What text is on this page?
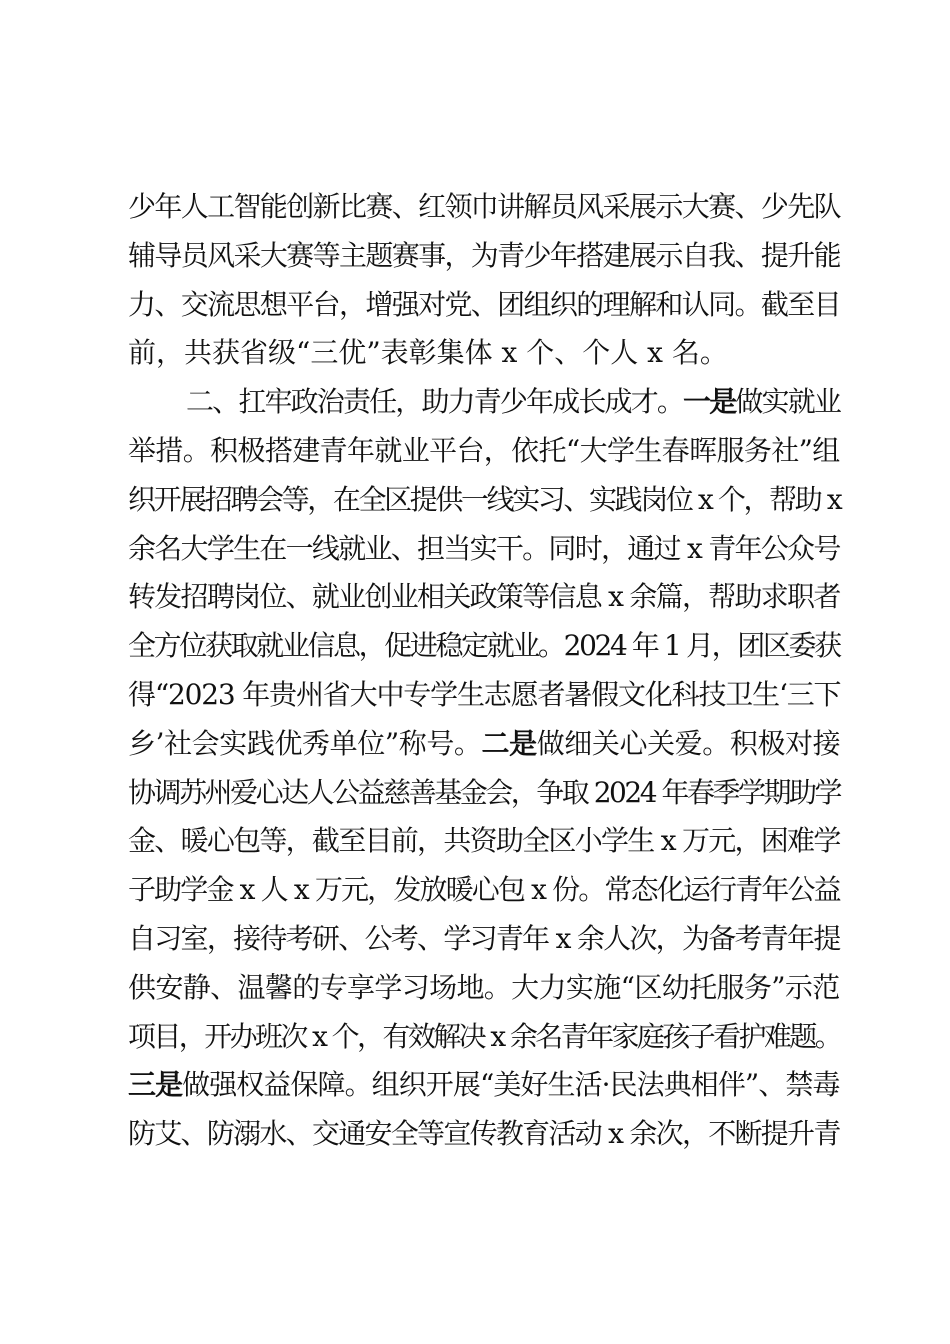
少年人工智能创新比赛、红领巾讲解员风采展示大赛、少先队
辅导员风采大赛等主题赛事，为青少年搭建展示自我、提升能
力、交流思想平台，增强对党、团组织的理解和认同。截至目
前，共获省级“三优”表彰集体 x 个、个人 x 名。
二、扛牢政治责任，助力青少年成长成才。一是做实就业
举措。积极搭建青年就业平台，依托“大学生春晖服务社”组
织开展招聘会等，在全区提供一线实习、实践岗位 x 个，帮助 x
余名大学生在一线就业、担当实干。同时，通过 x 青年公众号
转发招聘岗位、就业创业相关政策等信息 x 余篇，帮助求职者
全方位获取就业信息，促进稳定就业。2024 年 1 月，团区委获
得“2023 年贵州省大中专学生志愿者暑假文化科技卫生‘三下
乡’社会实践优秀单位”称号。二是做细关心关爱。积极对接
协调苏州爱心达人公益慈善基金会，争取 2024 年春季学期助学
金、暖心包等，截至目前，共资助全区小学生 x 万元，困难学
子助学金 x 人 x 万元，发放暖心包 x 份。常态化运行青年公益
自习室，接待考研、公考、学习青年 x 余人次，为备考青年提
供安静、温馨的专享学习场地。大力实施“区幼托服务”示范
项目，开办班次 x 个，有效解决 x 余名青年家庭孩子看护难题。
三是做强权益保障。组织开展“美好生活·民法典相伴”、禁毒
防艾、防溺水、交通安全等宣传教育活动 x 余次，不断提升青
